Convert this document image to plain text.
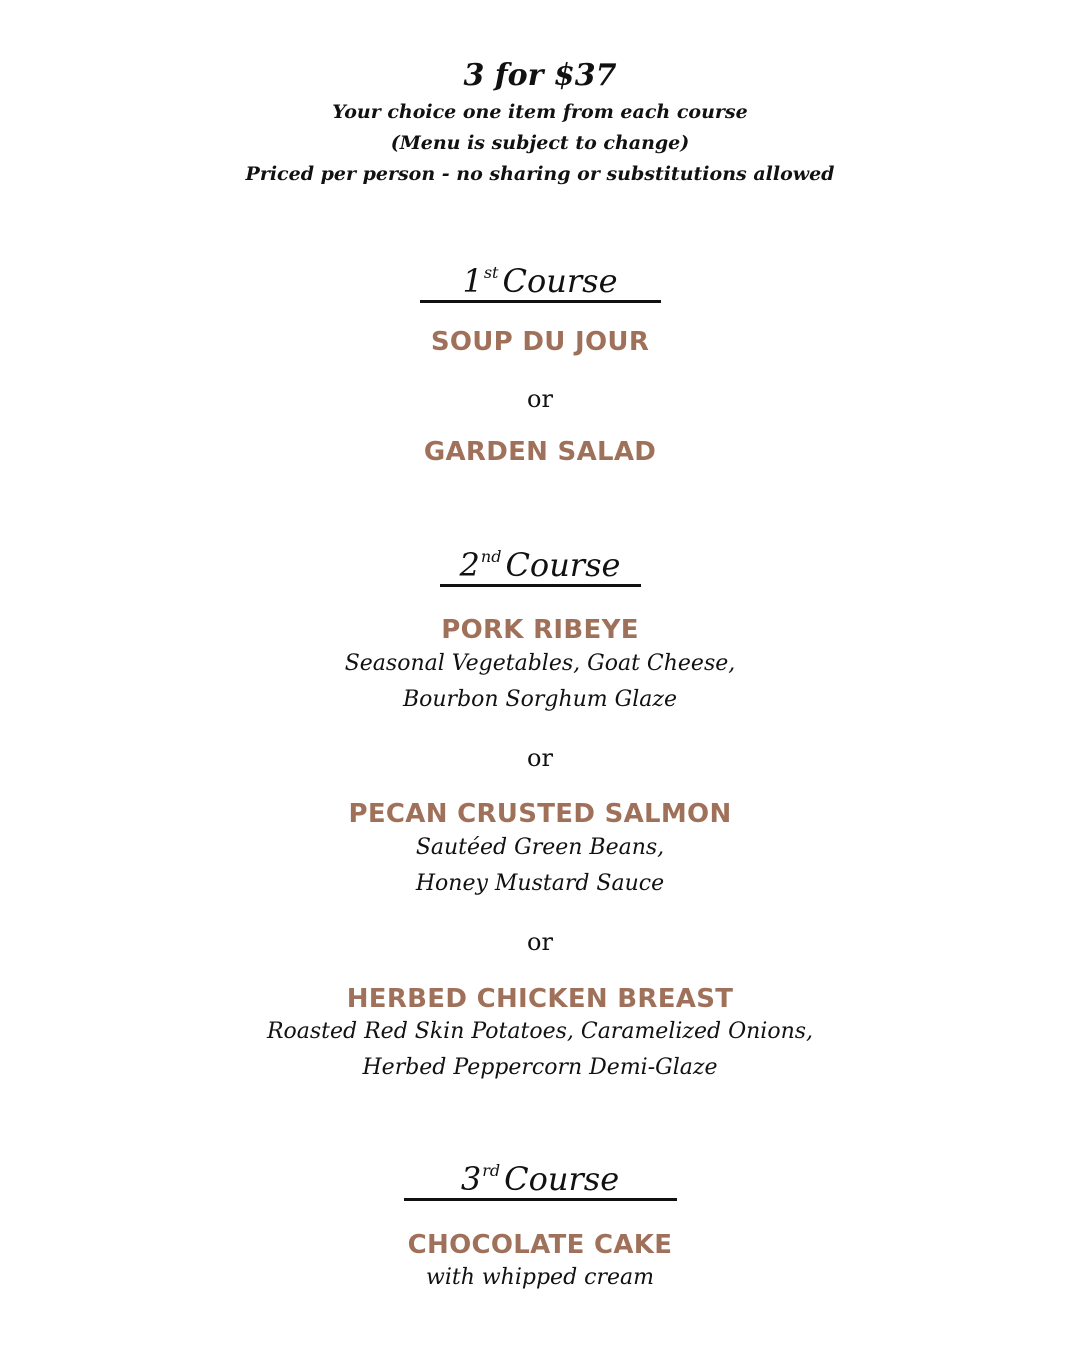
3 for $37
Your choice one item from each course
(Menu is subject to change)
Priced per person - no sharing or substitutions allowed
1st Course
SOUP DU JOUR
or
GARDEN SALAD
2nd Course
PORK RIBEYE
Seasonal Vegetables, Goat Cheese,
Bourbon Sorghum Glaze
or
PECAN CRUSTED SALMON
Sautéed Green Beans,
Honey Mustard Sauce
or
HERBED CHICKEN BREAST
Roasted Red Skin Potatoes, Caramelized Onions,
Herbed Peppercorn Demi-Glaze
3rd Course
CHOCOLATE CAKE
with whipped cream
